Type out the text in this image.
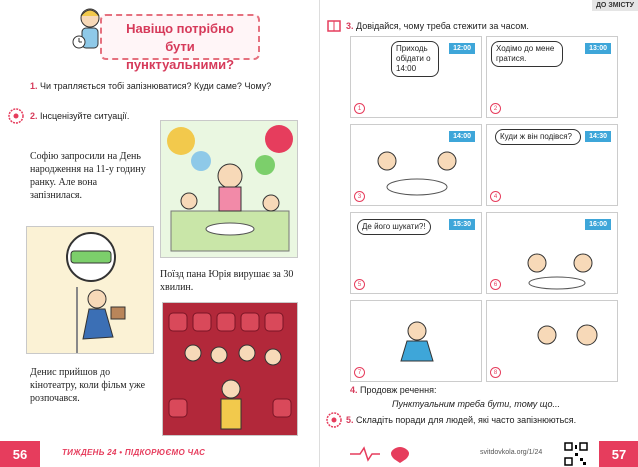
Навіщо потрібно бути пунктуальними?
1. Чи трапляється тобі запізнюватися? Куди саме? Чому?
2. Інсценізуйте ситуації.
Софію запросили на День народження на 11-у годину ранку. Але вона запізнилася.
Поїзд пана Юрія вирушає за 30 хвилин.
Денис прийшов до кінотеатру, коли фільм уже розпочався.
56	ТИЖДЕНЬ 24 • ПІДКОРЮЄМО ЧАС
ДО ЗМІСТУ
3. Довідайся, чому треба стежити за часом.
Приходь обідати о 14:00
12:00
1
Ходімо до мене гратися.
13:00
2
14:00
3
Куди ж він подівся?	14:30
4
Де його шукати?!	15:30
5
16:00
6
7	8
4. Продовж речення:
Пунктуальним треба бути, тому що...
5. Складіть поради для людей, які часто запізнюються.
svitdovkola.org/1/24	57
